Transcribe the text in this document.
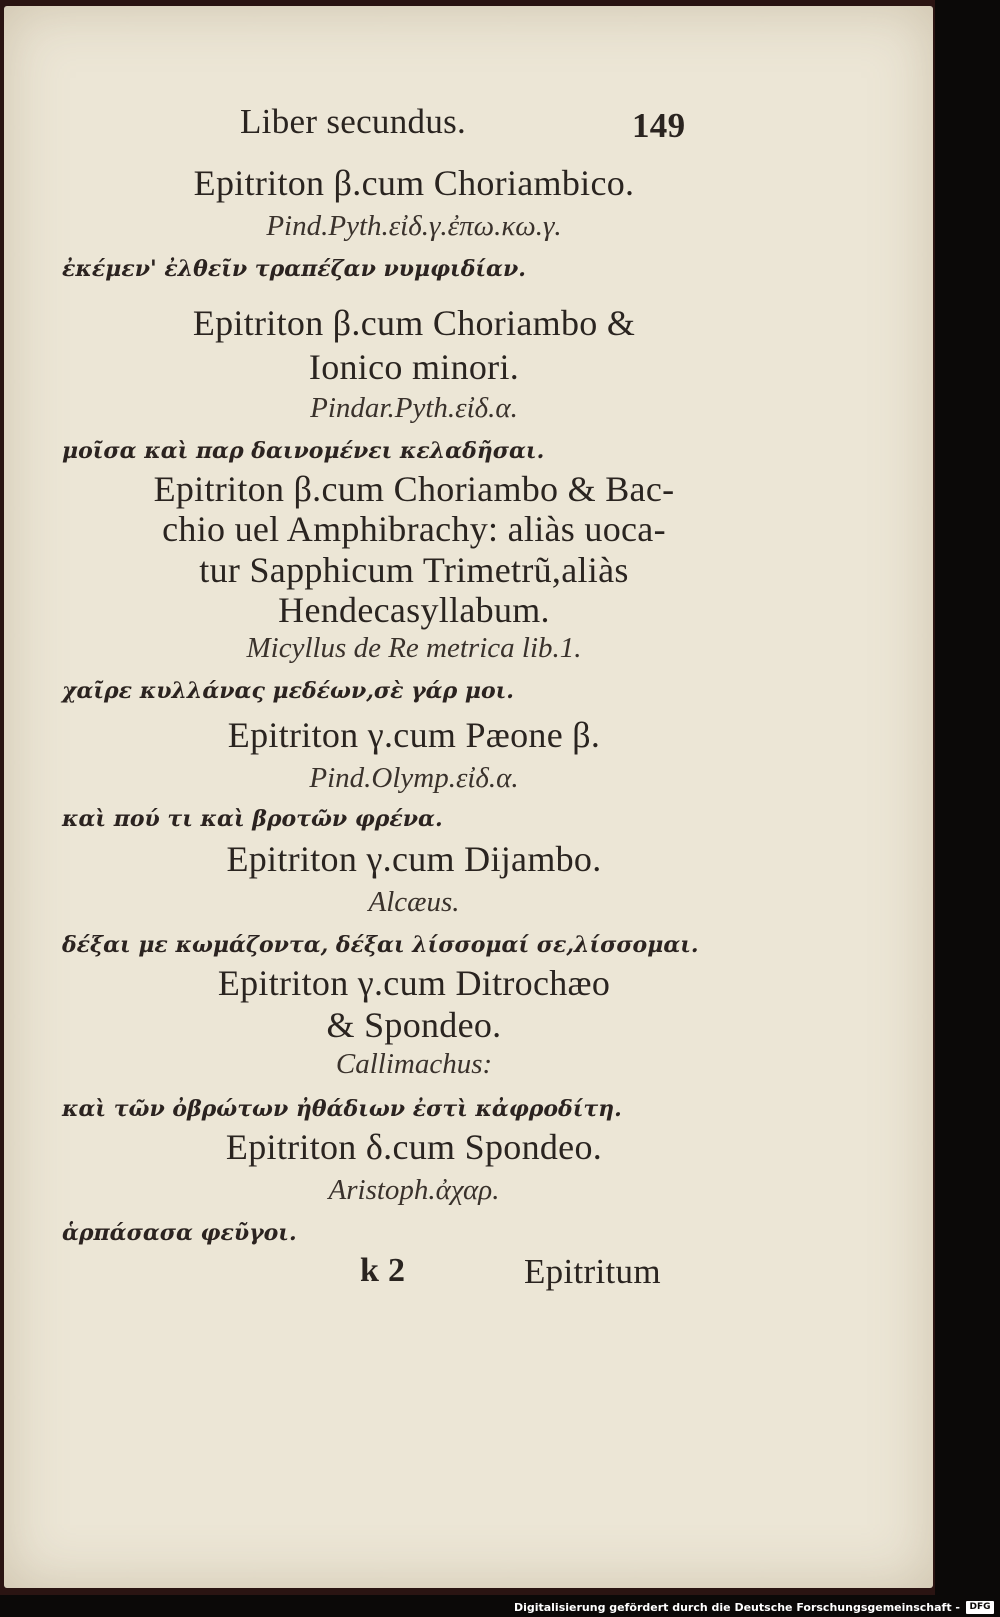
Liber secundus.	149
Epitriton β.cum Choriambico.
Pind.Pyth.εἰδ.γ.ἐπω.κω.γ.
ἐκέμεν' ἐλθεῖν τραπέζαν νυμφιδίαν.
Epitriton β.cum Choriambo &
Ionico minori.
Pindar.Pyth.εἰδ.α.
μοῖσα καὶ παρ δαινομένει κελαδῆσαι.
Epitriton β.cum Choriambo & Bac-
chio uel Amphibrachy: aliàs uoca-
tur Sapphicum Trimetrũ,aliàs
Hendecasyllabum.
Micyllus de Re metrica lib.1.
χαῖρε κυλλάνας μεδέων,σὲ γάρ μοι.
Epitriton γ.cum Pæone β.
Pind.Olymp.εἰδ.α.
καὶ πού τι καὶ βροτῶν φρένα.
Epitriton γ.cum Dijambo.
Alcæus.
δέξαι με κωμάζοντα, δέξαι λίσσομαί σε,λίσσομαι.
Epitriton γ.cum Ditrochæo
& Spondeo.
Callimachus:
καὶ τῶν ὀβρώτων ἠθάδιων ἐστὶ κἀφροδίτη.
Epitriton δ.cum Spondeo.
Aristoph.ἀχαρ.
ἁρπάσασα φεῦγοι.
k 2	Epitritum
Digitalisierung gefördert durch die Deutsche Forschungsgemeinschaft -	DFG
